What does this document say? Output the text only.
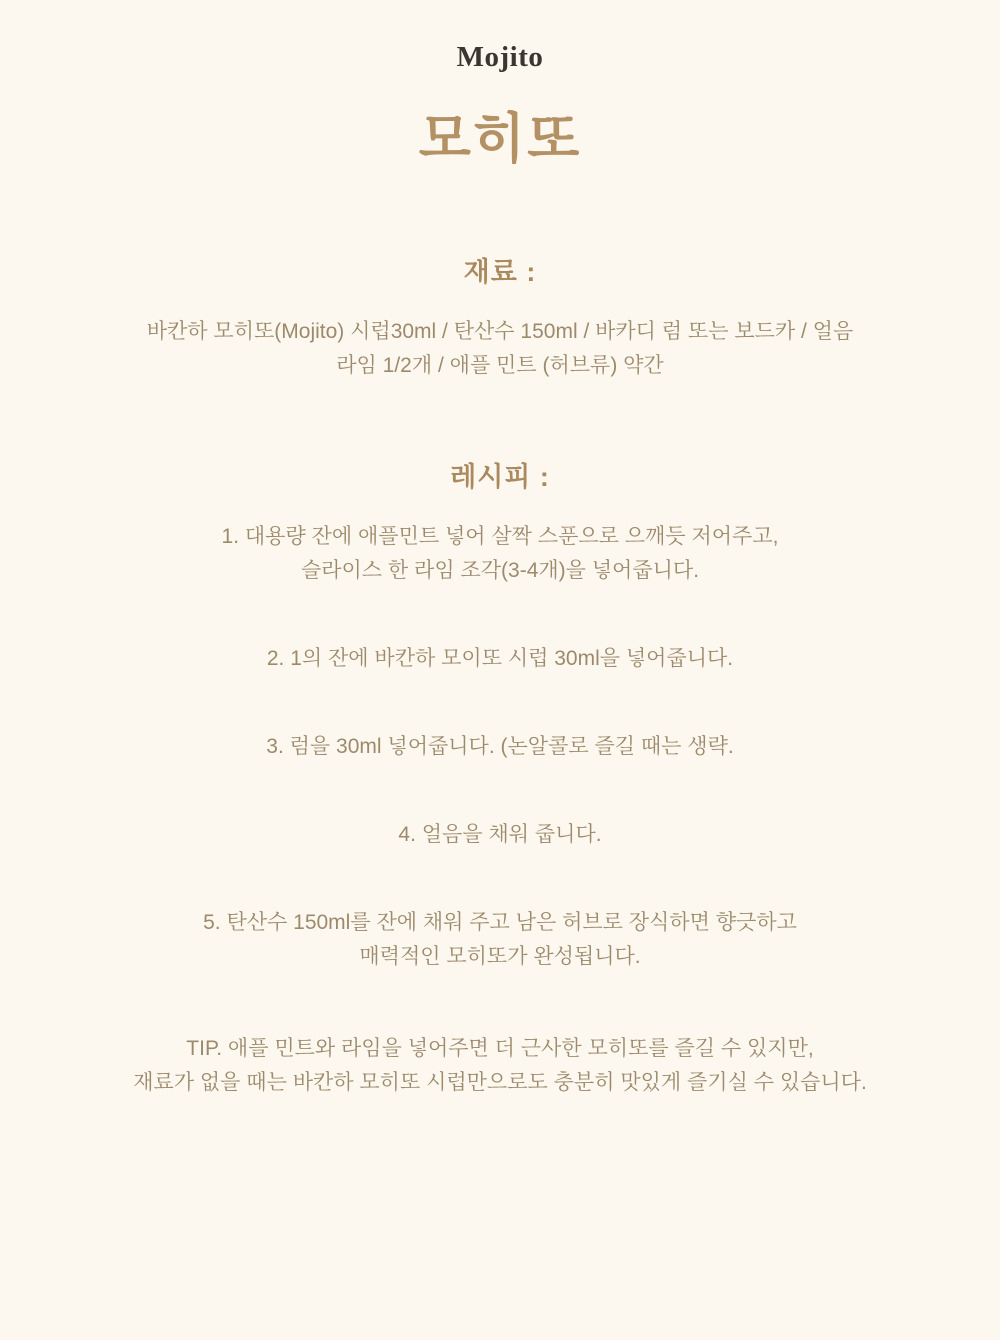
Mojito
모히또
재료 :
바칸하 모히또(Mojito) 시럽30ml / 탄산수 150ml / 바카디 럼 또는 보드카 / 얼음
라임 1/2개 / 애플 민트 (허브류) 약간
레시피 :
1. 대용량 잔에 애플민트 넣어 살짝 스푼으로 으깨듯 저어주고,
슬라이스 한 라임 조각(3-4개)을 넣어줍니다.
2. 1의 잔에 바칸하 모이또 시럽 30ml을 넣어줍니다.
3. 럼을 30ml 넣어줍니다. (논알콜로 즐길 때는 생략.
4. 얼음을 채워 줍니다.
5. 탄산수 150ml를 잔에 채워 주고 남은 허브로 장식하면 향긋하고
매력적인 모히또가 완성됩니다.
TIP. 애플 민트와 라임을 넣어주면 더 근사한 모히또를 즐길 수 있지만,
재료가 없을 때는 바칸하 모히또 시럽만으로도 충분히 맛있게 즐기실 수 있습니다.
